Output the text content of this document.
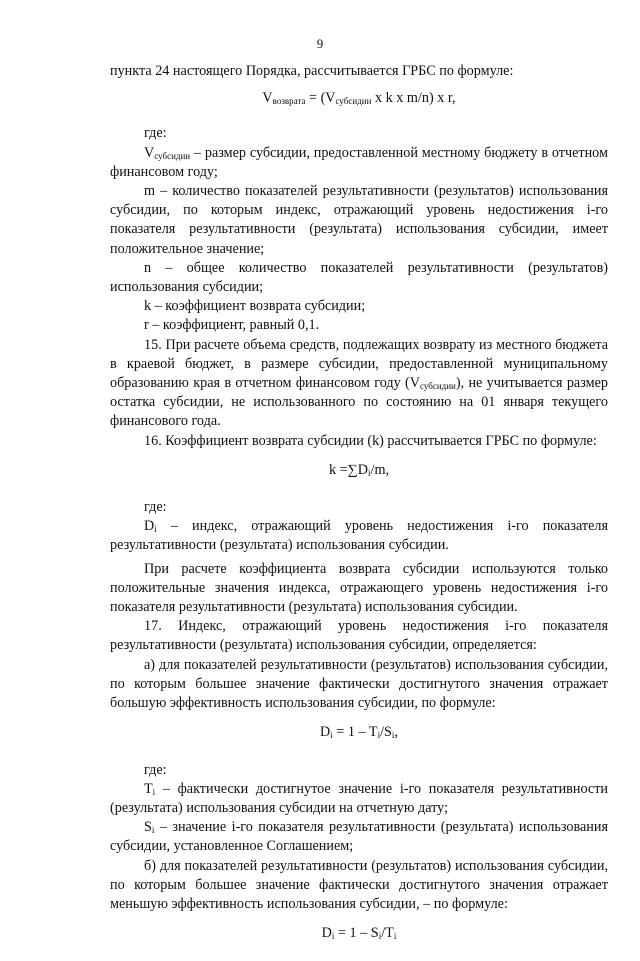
9

пункта 24 настоящего Порядка, рассчитывается ГРБС по формуле:

$V_{возврата} = (V_{субсидии}$ x k x m/n) x r,

где:

$V_{субсидии}$ – размер субсидии, предоставленной местному бюджету в отчетном финансовом году;

m – количество показателей результативности (результатов) использования субсидии, по которым индекс, отражающий уровень недостижения i-го показателя результативности (результата) использования субсидии, имеет положительное значение;

n – общее количество показателей результативности (результатов) использования субсидии;

k – коэффициент возврата субсидии;

r – коэффициент, равный 0,1.

15. При расчете объема средств, подлежащих возврату из местного бюджета в краевой бюджет, в размере субсидии, предоставленной муниципальному образованию края в отчетном финансовом году $(V_{субсидии})$, не учитывается размер остатка субсидии, не использованного по состоянию на 01 января текущего финансового года.

16. Коэффициент возврата субсидии (k) рассчитывается ГРБС по формуле:

$k =\sum D_i/m$,

где:

$D_i$ – индекс, отражающий уровень недостижения i-го показателя результативности (результата) использования субсидии.

При расчете коэффициента возврата субсидии используются только положительные значения индекса, отражающего уровень недостижения i-го показателя результативности (результата) использования субсидии.

17. Индекс, отражающий уровень недостижения i-го показателя результативности (результата) использования субсидии, определяется:

а) для показателей результативности (результатов) использования субсидии, по которым большее значение фактически достигнутого значения отражает большую эффективность использования субсидии, по формуле:

$D_i = 1 - T_i/S_i$,

где:

$T_i$ – фактически достигнутое значение i-го показателя результативности (результата) использования субсидии на отчетную дату;

$S_i$ – значение i-го показателя результативности (результата) использования субсидии, установленное Соглашением;

б) для показателей результативности (результатов) использования субсидии, по которым большее значение фактически достигнутого значения отражает меньшую эффективность использования субсидии, – по формуле:

$D_i = 1 - S_i/T_i$
